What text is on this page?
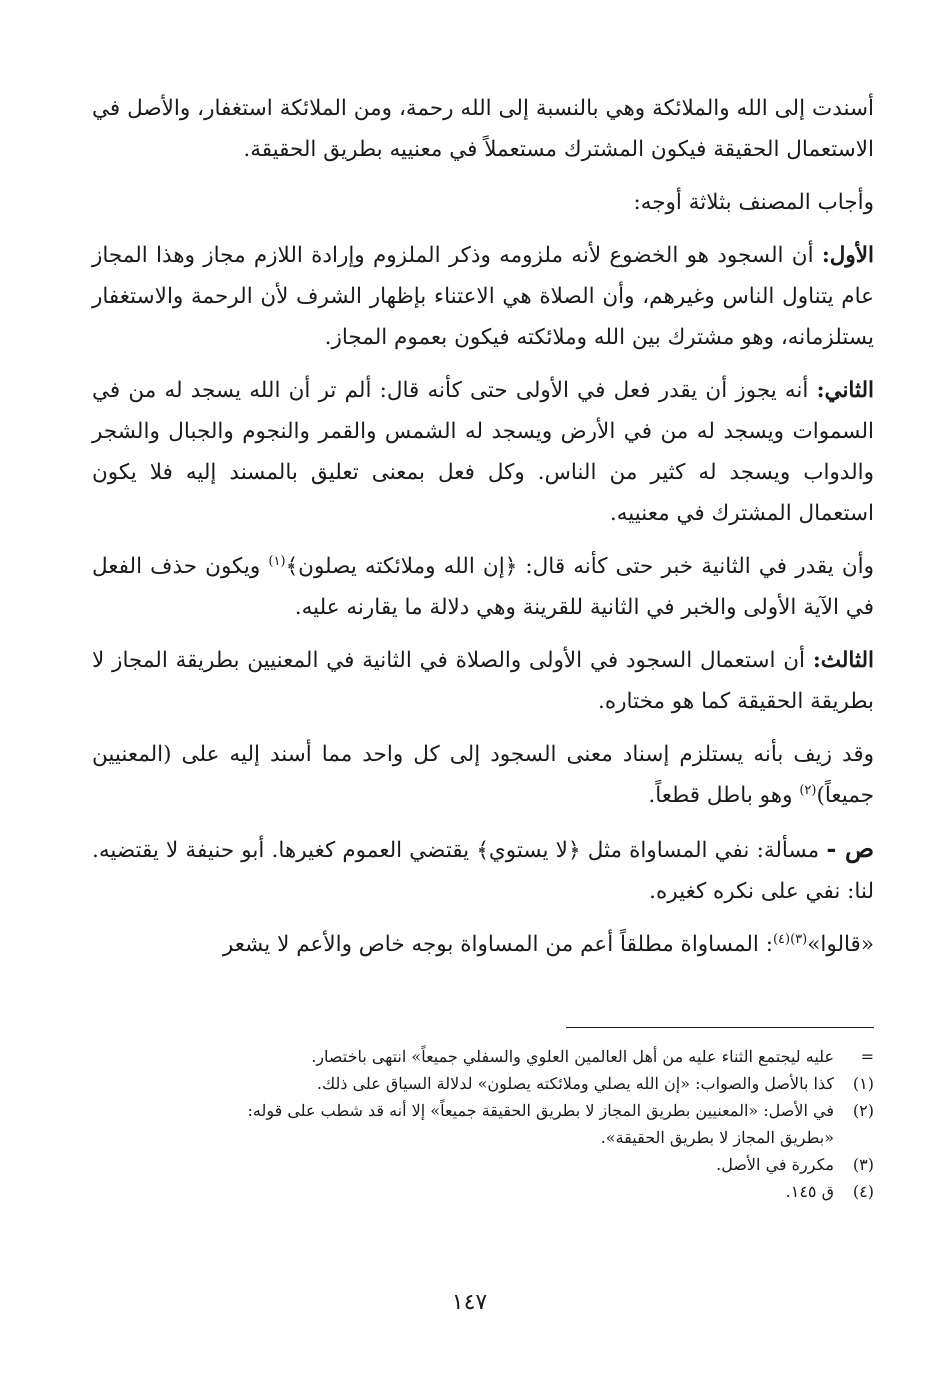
أسندت إلى الله والملائكة وهي بالنسبة إلى الله رحمة، ومن الملائكة استغفار، والأصل في الاستعمال الحقيقة فيكون المشترك مستعملاً في معنييه بطريق الحقيقة.

وأجاب المصنف بثلاثة أوجه:

الأول: أن السجود هو الخضوع لأنه ملزومه وذكر الملزوم وإرادة اللازم مجاز وهذا المجاز عام يتناول الناس وغيرهم، وأن الصلاة هي الاعتناء بإظهار الشرف لأن الرحمة والاستغفار يستلزمانه، وهو مشترك بين الله وملائكته فيكون بعموم المجاز.

الثاني: أنه يجوز أن يقدر فعل في الأولى حتى كأنه قال: ألم تر أن الله يسجد له من في السموات ويسجد له من في الأرض ويسجد له الشمس والقمر والنجوم والجبال والشجر والدواب ويسجد له كثير من الناس. وكل فعل بمعنى تعليق بالمسند إليه فلا يكون استعمال المشترك في معنييه.

وأن يقدر في الثانية خبر حتى كأنه قال: ﴿إن الله وملائكته يصلون﴾$^{(١)}$ ويكون حذف الفعل في الآية الأولى والخبر في الثانية للقرينة وهي دلالة ما يقارنه عليه.

الثالث: أن استعمال السجود في الأولى والصلاة في الثانية في المعنيين بطريقة المجاز لا بطريقة الحقيقة كما هو مختاره.

وقد زيف بأنه يستلزم إسناد معنى السجود إلى كل واحد مما أسند إليه على (المعنيين جميعاً)$^{(٢)}$ وهو باطل قطعاً.

ص - مسألة: نفي المساواة مثل ﴿لا يستوي﴾ يقتضي العموم كغيرها. أبو حنيفة لا يقتضيه. لنا: نفي على نكره كغيره.

«قالوا»$^{(٣)(٤)}$: المساواة مطلقاً أعم من المساواة بوجه خاص والأعم لا يشعر

=
عليه ليجتمع الثناء عليه من أهل العالمين العلوي والسفلي جميعاً» انتهى باختصار.
(١)
كذا بالأصل والصواب: «إن الله يصلي وملائكته يصلون» لدلالة السياق على ذلك.
(٢)
في الأصل: «المعنيين بطريق المجاز لا بطريق الحقيقة جميعاً» إلا أنه قد شطب على قوله:
«بطريق المجاز لا بطريق الحقيقة».
(٣)
مكررة في الأصل.
(٤)
ق ١٤٥.
١٤٧
